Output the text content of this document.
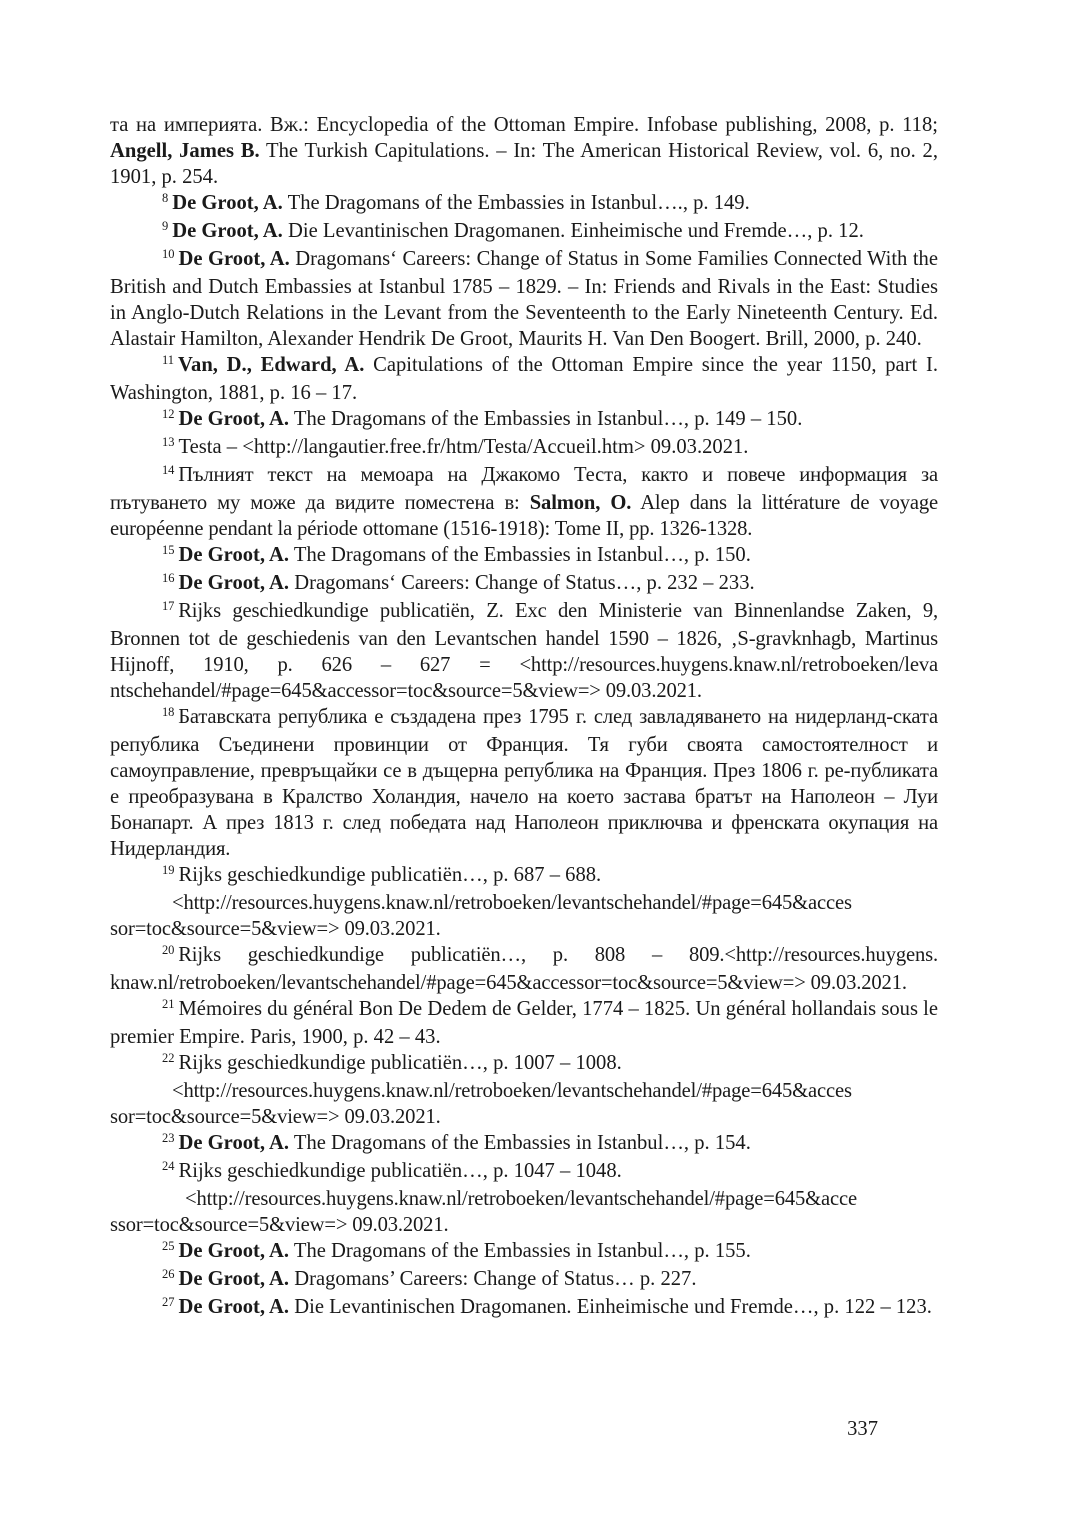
та на империята. Вж.: Encyclopedia of the Ottoman Empire. Infobase publishing, 2008, p. 118; Angell, James B. The Turkish Capitulations. – In: The American Historical Review, vol. 6, no. 2, 1901, p. 254.

$^8$ De Groot, A. The Dragomans of the Embassies in Istanbul…., p. 149.

$^9$ De Groot, A. Die Levantinischen Dragomanen. Einheimische und Fremde…, p. 12.

$^{10}$ De Groot, A. Dragomans‘ Careers: Change of Status in Some Families Connected With the British and Dutch Embassies at Istanbul 1785 – 1829. – In: Friends and Rivals in the East: Studies in Anglo-Dutch Relations in the Levant from the Seventeenth to the Early Nineteenth Century. Ed. Alastair Hamilton, Alexander Hendrik De Groot, Maurits H. Van Den Boogert. Brill, 2000, p. 240.

$^{11}$ Van, D., Edward, A. Capitulations of the Ottoman Empire since the year 1150, part I. Washington, 1881, p. 16 – 17.

$^{12}$ De Groot, A. The Dragomans of the Embassies in Istanbul…, p. 149 – 150.

$^{13}$ Testa – <http://langautier.free.fr/htm/Testa/Accueil.htm> 09.03.2021.

$^{14}$ Пълният текст на мемоара на Джакомо Теста, както и повече информация за пътуването му може да видите поместена в: Salmon, O. Alep dans la littérature de voyage européenne pendant la période ottomane (1516-1918): Tome II, pp. 1326-1328.

$^{15}$ De Groot, A. The Dragomans of the Embassies in Istanbul…, p. 150.

$^{16}$ De Groot, A. Dragomans‘ Careers: Change of Status…, p. 232 – 233.

$^{17}$ Rijks geschiedkundige publicatiën, Z. Exc den Ministerie van Binnenlandse Zaken, 9, Bronnen tot de geschiedenis van den Levantschen handel 1590 – 1826, ‚S-gravknhagb, Martinus Hijnoff, 1910, p. 626 – 627 = <http://resources.huygens.knaw.nl/retroboeken/leva ntschehandel/#page=645&accessor=toc&source=5&view=> 09.03.2021.

$^{18}$ Батавската република е създадена през 1795 г. след завладяването на нидерланд-ската република Съединени провинции от Франция. Тя губи своята самостоятелност и самоуправление, превръщайки се в дъщерна република на Франция. През 1806 г. ре-публиката е преобразувана в Кралство Холандия, начело на което застава братът на Наполеон – Луи Бонапарт. А през 1813 г. след победата над Наполеон приключва и френската окупация на Нидерландия.

$^{19}$ Rijks geschiedkundige publicatiën…, p. 687 – 688.

<http://resources.huygens.knaw.nl/retroboeken/levantschehandel/#page=645&acces sor=toc&source=5&view=> 09.03.2021.

$^{20}$ Rijks geschiedkundige publicatiën…, p. 808 – 809.<http://resources.huygens. knaw.nl/retroboeken/levantschehandel/#page=645&accessor=toc&source=5&view=> 09.03.2021.

$^{21}$ Mémoires du général Bon De Dedem de Gelder, 1774 – 1825. Un général hollandais sous le premier Empire. Paris, 1900, p. 42 – 43.

$^{22}$ Rijks geschiedkundige publicatiën…, p. 1007 – 1008.

<http://resources.huygens.knaw.nl/retroboeken/levantschehandel/#page=645&acces sor=toc&source=5&view=> 09.03.2021.

$^{23}$ De Groot, A. The Dragomans of the Embassies in Istanbul…, p. 154.

$^{24}$ Rijks geschiedkundige publicatiën…, p. 1047 – 1048.

<http://resources.huygens.knaw.nl/retroboeken/levantschehandel/#page=645&acce ssor=toc&source=5&view=> 09.03.2021.

$^{25}$ De Groot, A. The Dragomans of the Embassies in Istanbul…, p. 155.

$^{26}$ De Groot, A. Dragomans’ Careers: Change of Status… p. 227.

$^{27}$ De Groot, A. Die Levantinischen Dragomanen. Einheimische und Fremde…, p. 122 – 123.

337
